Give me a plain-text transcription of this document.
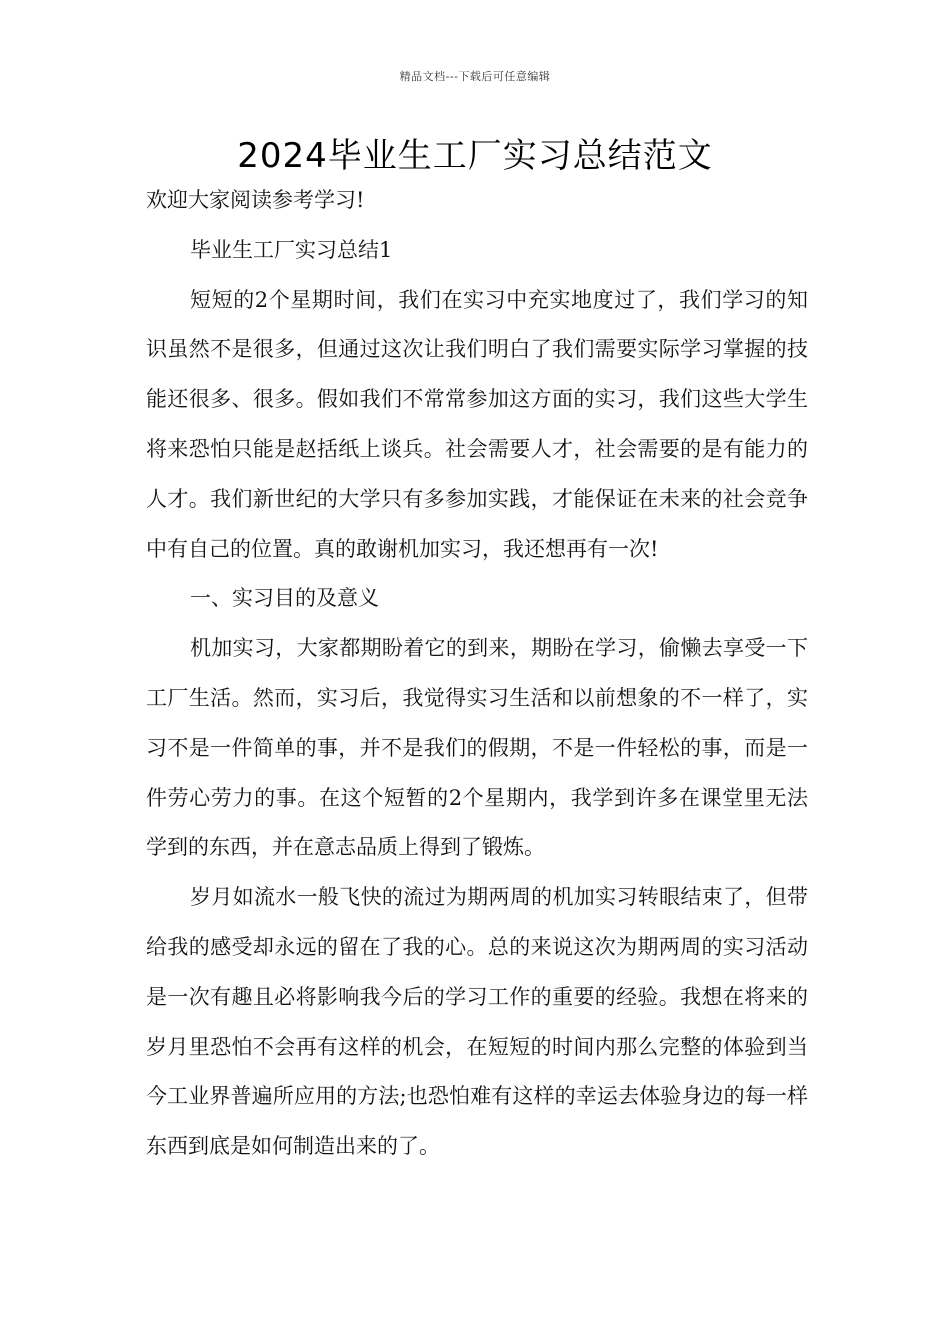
精品文档---下载后可任意编辑
2024毕业生工厂实习总结范文

欢迎大家阅读参考学习!

毕业生工厂实习总结1

短短的2个星期时间，我们在实习中充实地度过了，我们学习的知识虽然不是很多，但通过这次让我们明白了我们需要实际学习掌握的技能还很多、很多。假如我们不常常参加这方面的实习，我们这些大学生将来恐怕只能是赵括纸上谈兵。社会需要人才，社会需要的是有能力的人才。我们新世纪的大学只有多参加实践，才能保证在未来的社会竞争中有自己的位置。真的敢谢机加实习，我还想再有一次!

一、实习目的及意义

机加实习，大家都期盼着它的到来，期盼在学习，偷懒去享受一下工厂生活。然而，实习后，我觉得实习生活和以前想象的不一样了，实习不是一件简单的事，并不是我们的假期，不是一件轻松的事，而是一件劳心劳力的事。在这个短暂的2个星期内，我学到许多在课堂里无法学到的东西，并在意志品质上得到了锻炼。

岁月如流水一般飞快的流过为期两周的机加实习转眼结束了，但带给我的感受却永远的留在了我的心。总的来说这次为期两周的实习活动是一次有趣且必将影响我今后的学习工作的重要的经验。我想在将来的岁月里恐怕不会再有这样的机会，在短短的时间内那么完整的体验到当今工业界普遍所应用的方法;也恐怕难有这样的幸运去体验身边的每一样东西到底是如何制造出来的了。
